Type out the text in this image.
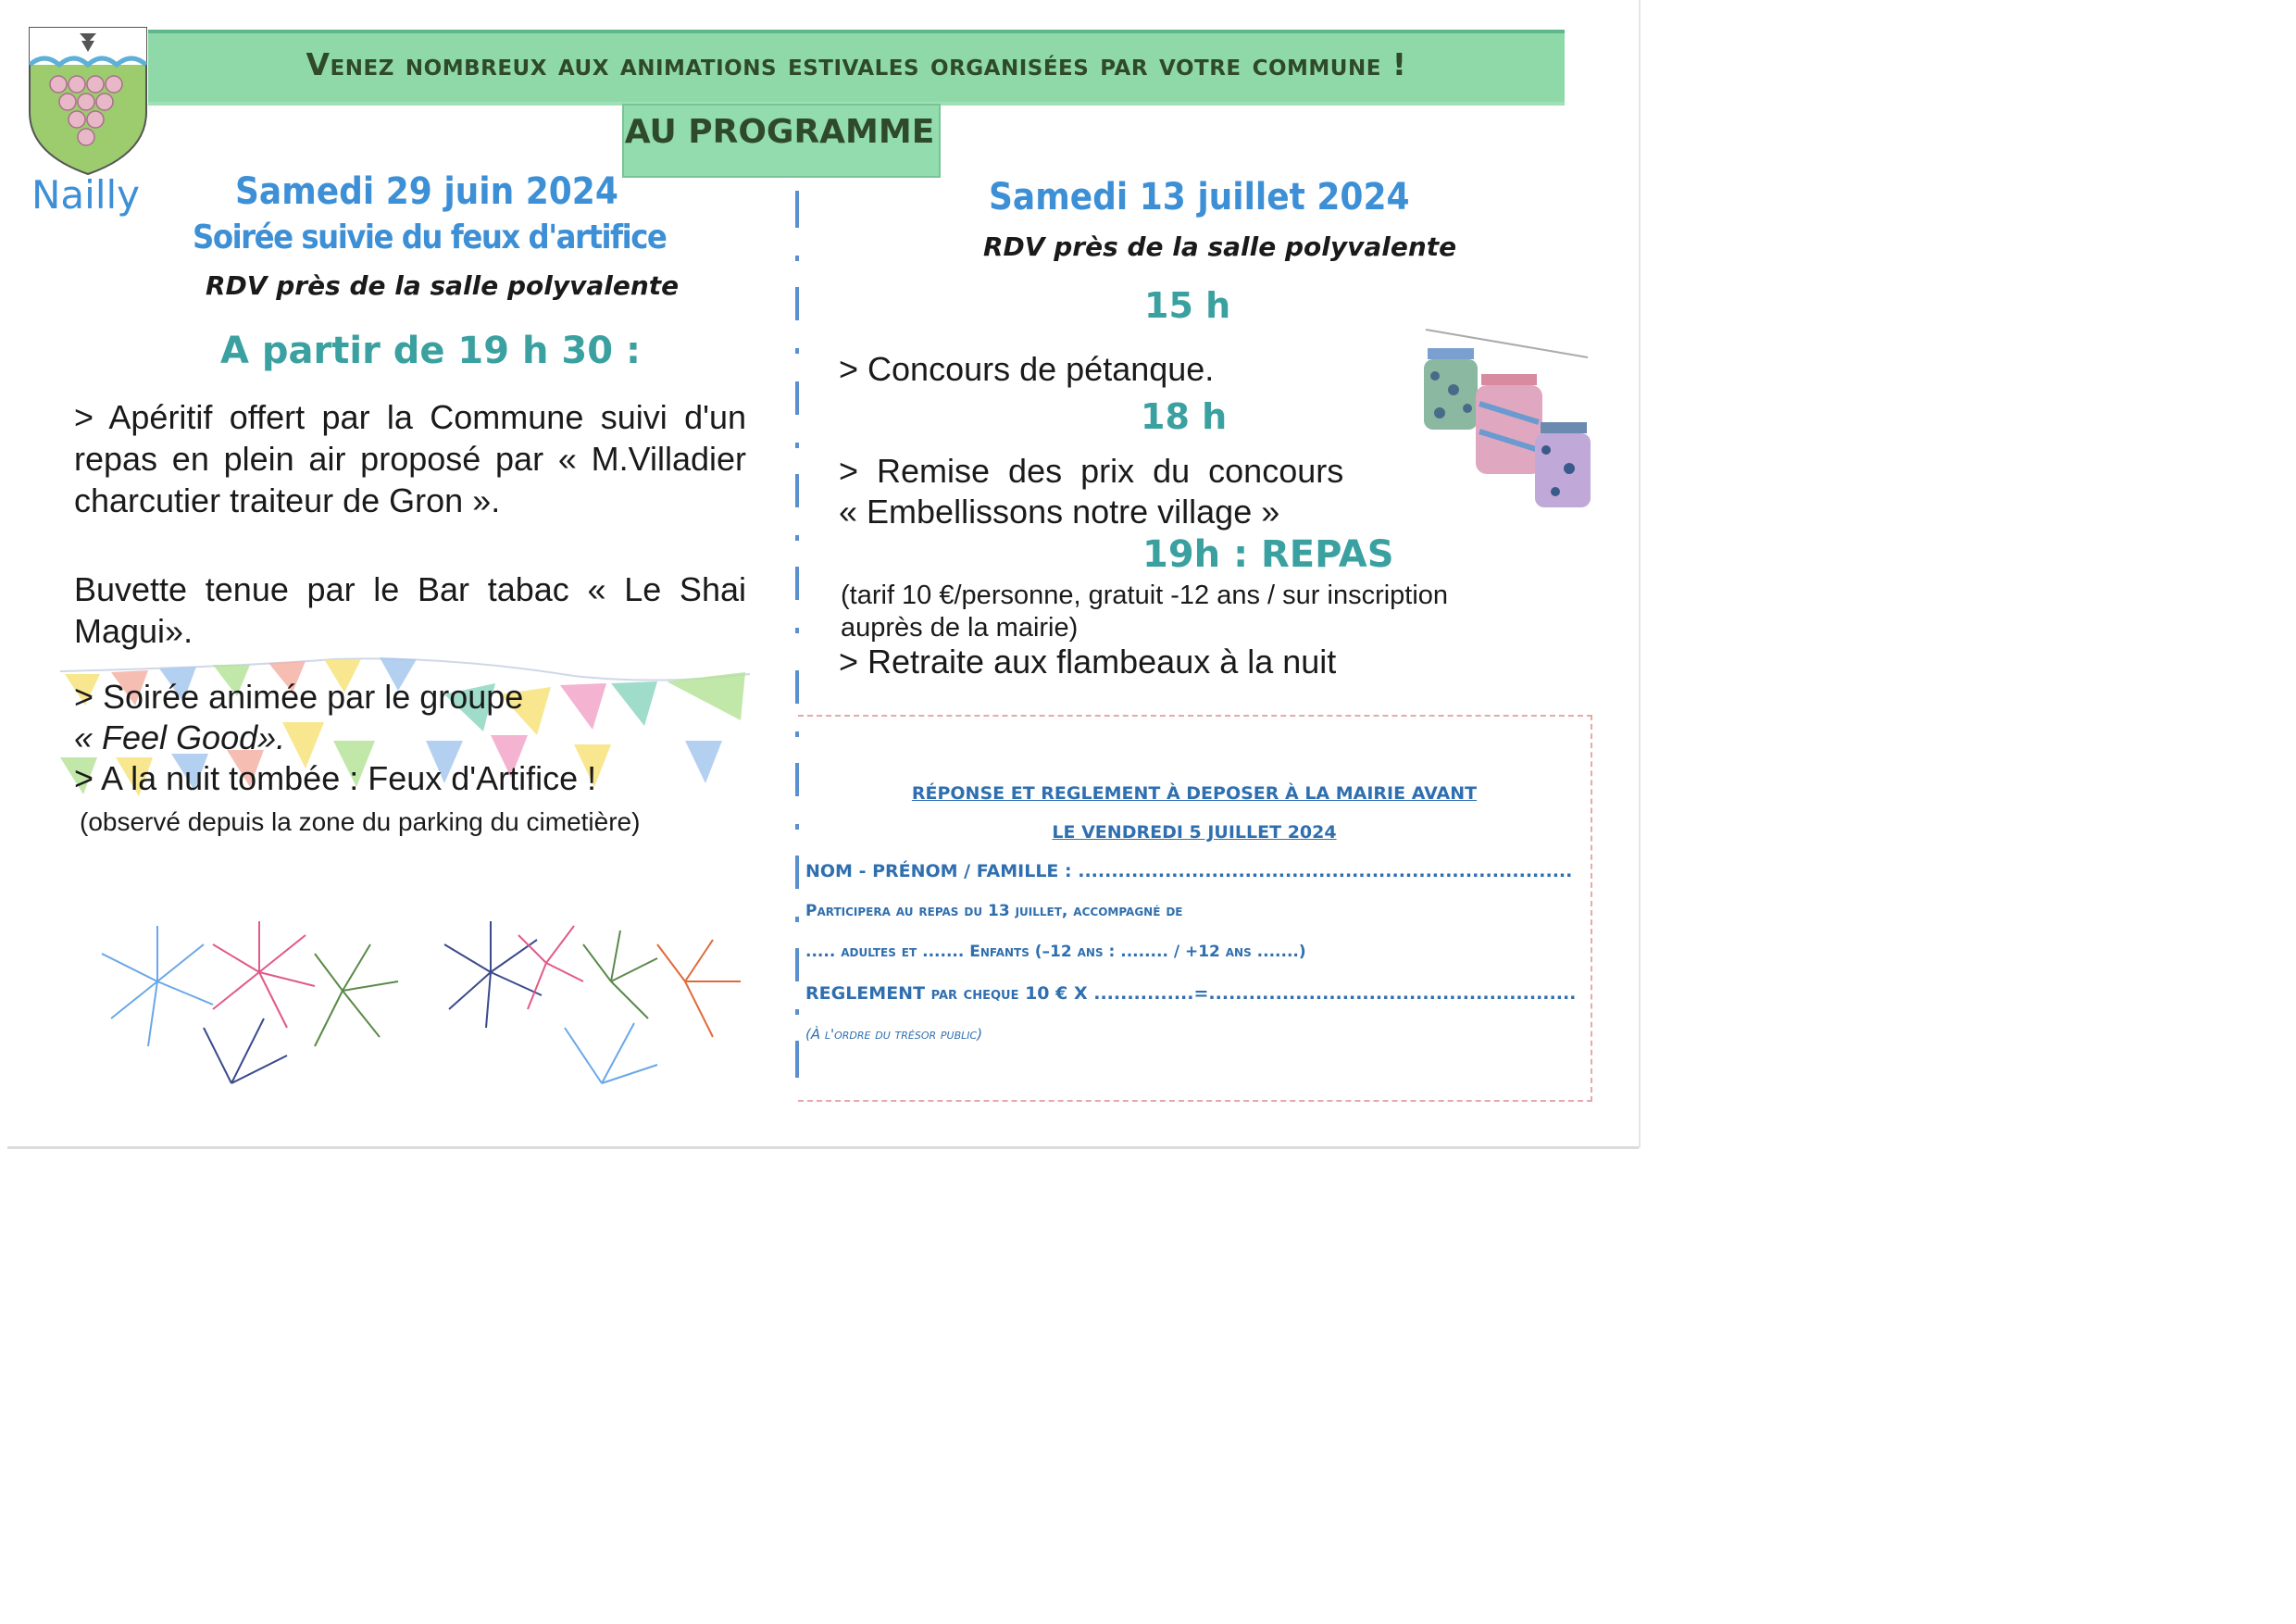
Venez nombreux aux animations estivales organisées par votre commune !
AU PROGRAMME
Nailly	Samedi 29 juin 2024
Soirée suivie du feux d'artifice
RDV près de la salle polyvalente
A partir de 19 h 30 :
> Apéritif offert par la Commune suivi d'un repas en plein air proposé par « M.Villadier charcutier traiteur de Gron ».
Buvette tenue par le Bar tabac « Le Shai Magui».
> Soirée animée par le groupe
« Feel Good».
> A la nuit tombée : Feux d'Artifice !
(observé depuis la zone du parking du cimetière)
Samedi 13 juillet 2024
RDV près de la salle polyvalente
15 h
> Concours de pétanque.
18 h
>  Remise  des  prix  du  concours
« Embellissons notre village »
19h : REPAS
(tarif 10 €/personne, gratuit -12 ans / sur inscription auprès de la mairie)
> Retraite aux flambeaux à la nuit
RÉPONSE ET REGLEMENT À DEPOSER À LA MAIRIE AVANT
LE VENDREDI 5 JUILLET 2024
NOM - PRÉNOM / FAMILLE : ..........................................................................
Participera au repas du 13 juillet, accompagné de
..... adultes et ....... Enfants (–12 ans : ........ / +12 ans .......)
REGLEMENT par cheque 10 € X ...............=.......................................................
(À l'ordre du trésor public)
